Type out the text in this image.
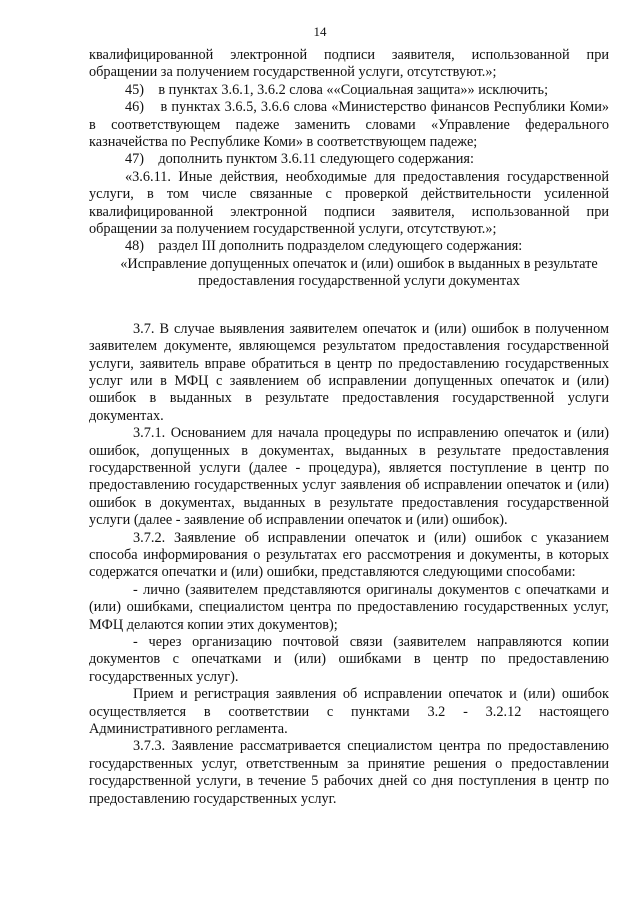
14

квалифицированной электронной подписи заявителя, использованной при обращении за получением государственной услуги, отсутствуют.»;

45)    в пунктах 3.6.1, 3.6.2 слова ««Социальная защита»» исключить;

46)    в пунктах 3.6.5, 3.6.6 слова «Министерство финансов Республики Коми» в соответствующем падеже заменить словами «Управление федерального казначейства по Республике Коми» в соответствующем падеже;

47)    дополнить пунктом 3.6.11 следующего содержания:

«3.6.11. Иные действия, необходимые для предоставления государственной услуги, в том числе связанные с проверкой действительности усиленной квалифицированной электронной подписи заявителя, использованной при обращении за получением государственной услуги, отсутствуют.»;

48)    раздел III дополнить подразделом следующего содержания:

«Исправление допущенных опечаток и (или) ошибок в выданных в результате предоставления государственной услуги документах

3.7. В случае выявления заявителем опечаток и (или) ошибок в полученном заявителем документе, являющемся результатом предоставления государственной услуги, заявитель вправе обратиться в центр по предоставлению государственных услуг или в МФЦ с заявлением об исправлении допущенных опечаток и (или) ошибок в выданных в результате предоставления государственной услуги документах.

3.7.1. Основанием для начала процедуры по исправлению опечаток и (или) ошибок, допущенных в документах, выданных в результате предоставления государственной услуги (далее - процедура), является поступление в центр по предоставлению государственных услуг заявления об исправлении опечаток и (или) ошибок в документах, выданных в результате предоставления государственной услуги (далее - заявление об исправлении опечаток и (или) ошибок).

3.7.2. Заявление об исправлении опечаток и (или) ошибок с указанием способа информирования о результатах его рассмотрения и документы, в которых содержатся опечатки и (или) ошибки, представляются следующими способами:

- лично (заявителем представляются оригиналы документов с опечатками и (или) ошибками, специалистом центра по предоставлению государственных услуг, МФЦ делаются копии этих документов);

- через организацию почтовой связи (заявителем направляются копии документов с опечатками и (или) ошибками в центр по предоставлению государственных услуг).

Прием и регистрация заявления об исправлении опечаток и (или) ошибок осуществляется в соответствии с пунктами 3.2 - 3.2.12 настоящего Административного регламента.

3.7.3. Заявление рассматривается специалистом центра по предоставлению государственных услуг, ответственным за принятие решения о предоставлении государственной услуги, в течение 5 рабочих дней со дня поступления в центр по предоставлению государственных услуг.
